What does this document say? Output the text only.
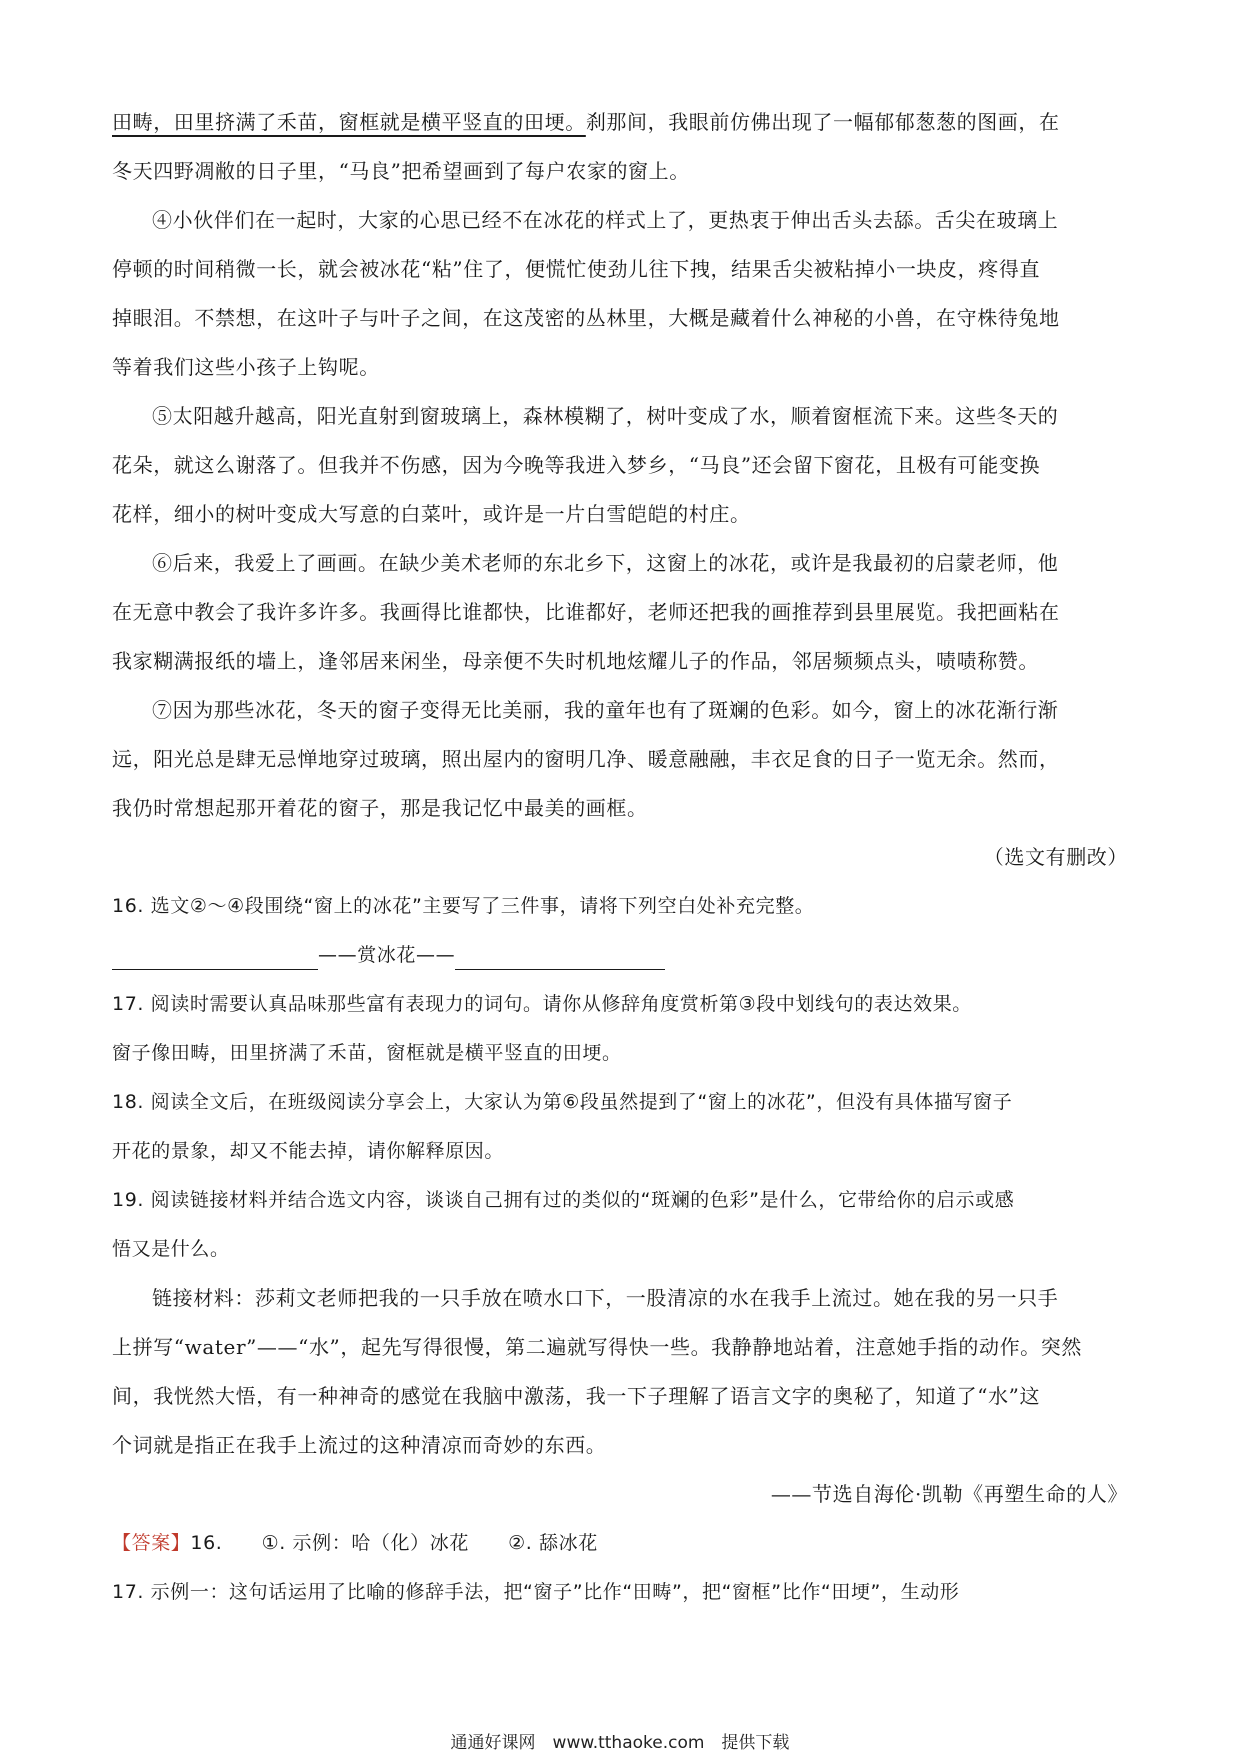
田畴，田里挤满了禾苗，窗框就是横平竖直的田埂。刹那间，我眼前仿佛出现了一幅郁郁葱葱的图画，在
冬天四野凋敝的日子里，“马良”把希望画到了每户农家的窗上。
④小伙伴们在一起时，大家的心思已经不在冰花的样式上了，更热衷于伸出舌头去舔。舌尖在玻璃上
停顿的时间稍微一长，就会被冰花“粘”住了，便慌忙使劲儿往下拽，结果舌尖被粘掉小一块皮，疼得直
掉眼泪。不禁想，在这叶子与叶子之间，在这茂密的丛林里，大概是藏着什么神秘的小兽，在守株待兔地
等着我们这些小孩子上钩呢。
⑤太阳越升越高，阳光直射到窗玻璃上，森林模糊了，树叶变成了水，顺着窗框流下来。这些冬天的
花朵，就这么谢落了。但我并不伤感，因为今晚等我进入梦乡，“马良”还会留下窗花，且极有可能变换
花样，细小的树叶变成大写意的白菜叶，或许是一片白雪皑皑的村庄。
⑥后来，我爱上了画画。在缺少美术老师的东北乡下，这窗上的冰花，或许是我最初的启蒙老师，他
在无意中教会了我许多许多。我画得比谁都快，比谁都好，老师还把我的画推荐到县里展览。我把画粘在
我家糊满报纸的墙上，逢邻居来闲坐，母亲便不失时机地炫耀儿子的作品，邻居频频点头，啧啧称赞。
⑦因为那些冰花，冬天的窗子变得无比美丽，我的童年也有了斑斓的色彩。如今，窗上的冰花渐行渐
远，阳光总是肆无忌惮地穿过玻璃，照出屋内的窗明几净、暖意融融，丰衣足食的日子一览无余。然而，
我仍时常想起那开着花的窗子，那是我记忆中最美的画框。
（选文有删改）
16. 选文②～④段围绕“窗上的冰花”主要写了三件事，请将下列空白处补充完整。
——赏冰花——
17. 阅读时需要认真品味那些富有表现力的词句。请你从修辞角度赏析第③段中划线句的表达效果。
窗子像田畴，田里挤满了禾苗，窗框就是横平竖直的田埂。
18. 阅读全文后，在班级阅读分享会上，大家认为第⑥段虽然提到了“窗上的冰花”，但没有具体描写窗子
开花的景象，却又不能去掉，请你解释原因。
19. 阅读链接材料并结合选文内容，谈谈自己拥有过的类似的“斑斓的色彩”是什么，它带给你的启示或感
悟又是什么。
链接材料：莎莉文老师把我的一只手放在喷水口下，一股清凉的水在我手上流过。她在我的另一只手
上拼写“water”——“水”，起先写得很慢，第二遍就写得快一些。我静静地站着，注意她手指的动作。突然
间，我恍然大悟，有一种神奇的感觉在我脑中激荡，我一下子理解了语言文字的奥秘了，知道了“水”这
个词就是指正在我手上流过的这种清凉而奇妙的东西。
——节选自海伦·凯勒《再塑生命的人》
【答案】16.　　①. 示例：哈（化）冰花　　②. 舔冰花
17. 示例一：这句话运用了比喻的修辞手法，把“窗子”比作“田畴”，把“窗框”比作“田埂”，生动形
通通好课网　www.tthaoke.com　提供下载
